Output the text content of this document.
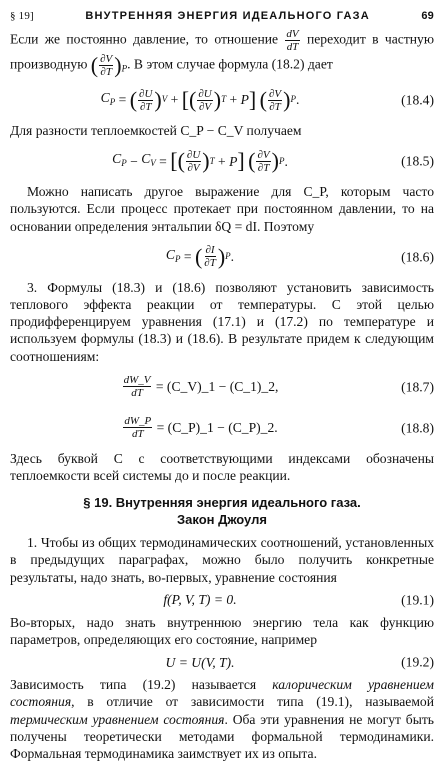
§ 19]	ВНУТРЕННЯЯ ЭНЕРГИЯ ИДЕАЛЬНОГО ГАЗА	69

Если же постоянно давление, то отношение $\frac{dV}{dT}$ переходит в частную производную ( $\frac{\partial V}{\partial T} )_P$. В этом случае формула (18.2) дает

$C_P$ = ( $\frac{\partial U}{\partial T}$ ) V + [ ( $\frac{\partial U}{\partial V}$ ) T + P ]
( $\frac{\partial V}{\partial T}$ ) P .	(18.4)

Для разности теплоемкостей C_P − C_V получаем

$C_P - C_V$ = [ ( $\frac{\partial U}{\partial V}$ ) T + P ]
( $\frac{\partial V}{\partial T}$ ) P .	(18.5)

Можно написать другое выражение для C_P, которым часто пользуются. Если процесс протекает при постоянном давлении, то на основании определения энтальпии δQ = dI. Поэтому

$C_P$ = ( $\frac{\partial I}{\partial T}$ ) P .	(18.6)

3. Формулы (18.3) и (18.6) позволяют установить зависимость теплового эффекта реакции от температуры. С этой целью продифференцируем уравнения (17.1) и (17.2) по температуре и используем формулы (18.3) и (18.6). В результате придем к следующим соотношениям:

$\frac{dW\_V}{dT}$
= (C_V)_1 − (C_1)_2,	(18.7)
$\frac{dW\_P}{dT}$
= (C_P)_1 − (C_P)_2.	(18.8)

Здесь буквой C с соответствующими индексами обозначены теплоемкости всей системы до и после реакции.

§ 19. Внутренняя энергия идеального газа.
Закон Джоуля

1. Чтобы из общих термодинамических соотношений, установленных в предыдущих параграфах, можно было получить конкретные результаты, надо знать, во-первых, уравнение состояния

f(P, V, T) = 0.	(19.1)

Во-вторых, надо знать внутреннюю энергию тела как функцию параметров, определяющих его состояние, например

U = U(V, T).	(19.2)

Зависимость типа (19.2) называется калорическим уравнением состояния, в отличие от зависимости типа (19.1), называемой термическим уравнением состояния. Оба эти уравнения не могут быть получены теоретически методами формальной термодинамики. Формальная термодинамика заимствует их из опыта.
